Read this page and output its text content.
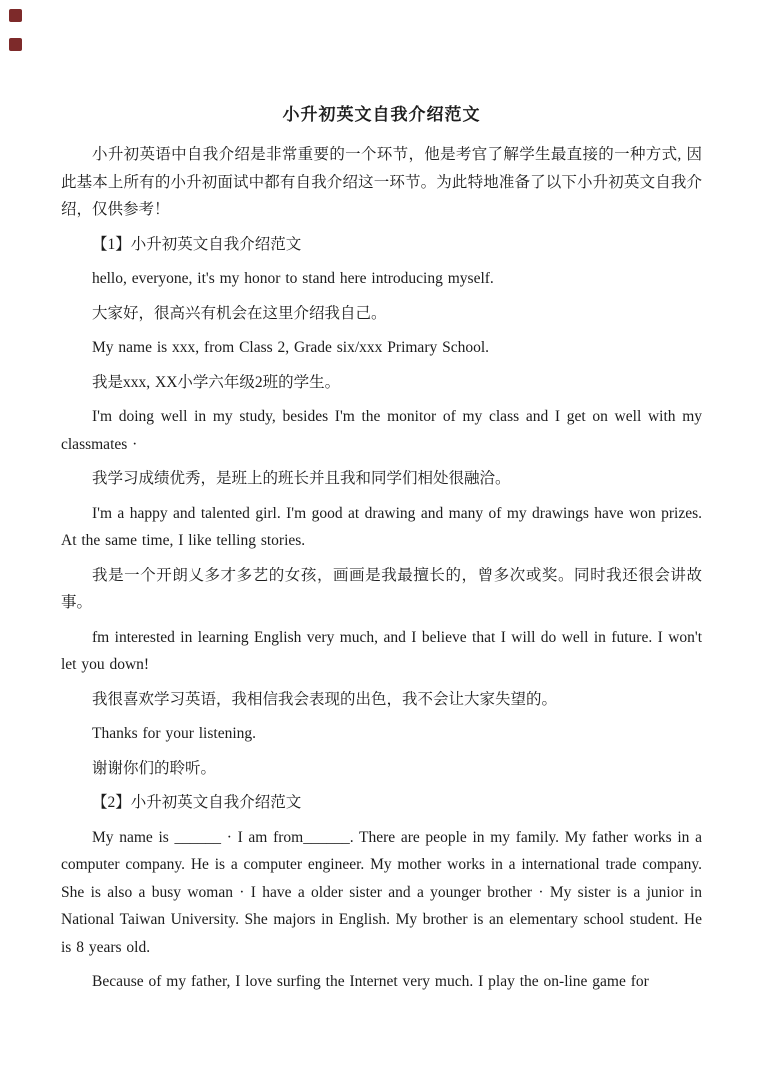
小升初英文自我介绍范文

小升初英语中自我介绍是非常重要的一个环节，他是考官了解学生最直接的一种方式, 因此基本上所有的小升初面试中都有自我介绍这一环节。为此特地准备了以下小升初英文自我介绍，仅供参考！

【1】小升初英文自我介绍范文

hello, everyone, it's my honor to stand here introducing myself.

大家好，很高兴有机会在这里介绍我自己。

My name is xxx, from Class 2, Grade six/xxx Primary School.

我是xxx, XX小学六年级2班的学生。

I'm doing well in my study, besides I'm the monitor of my class and I get on well with my classmates ·

我学习成绩优秀，是班上的班长并且我和同学们相处很融洽。

I'm a happy and talented girl. I'm good at drawing and many of my drawings have won prizes. At the same time, I like telling stories.

我是一个开朗乂多才多艺的女孩，画画是我最擅长的，曾多次或奖。同时我还很会讲故事。

fm interested in learning English very much, and I believe that I will do well in future. I won't let you down!

我很喜欢学习英语，我相信我会表现的出色，我不会让大家失望的。

Thanks for your listening.

谢谢你们的聆听。

【2】小升初英文自我介绍范文

My name is ______ · I am from______. There are people in my family. My father works in a computer company. He is a computer engineer. My mother works in a international trade company. She is also a busy woman · I have a older sister and a younger brother · My sister is a junior in National Taiwan University. She majors in English. My brother is an elementary school student. He is 8 years old.

Because of my father, I love surfing the Internet very much. I play the on-line game for
